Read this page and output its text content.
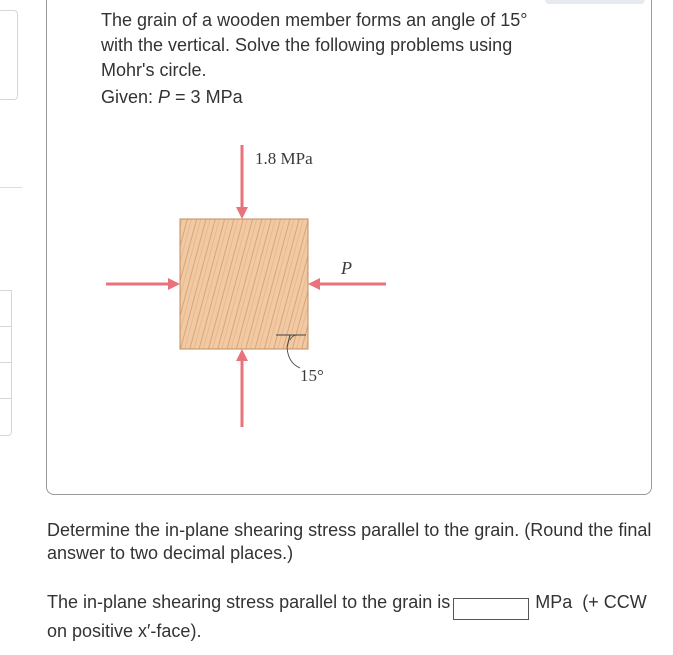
The grain of a wooden member forms an angle of 15°

with the vertical. Solve the following problems using

Mohr's circle.

Given: P = 3 MPa

1.8 MPa
P
15°
Determine the in-plane shearing stress parallel to the grain. (Round the final answer to two decimal places.)
The in-plane shearing stress parallel to the grain is	MPa (+ CCW on positive x′-face).
